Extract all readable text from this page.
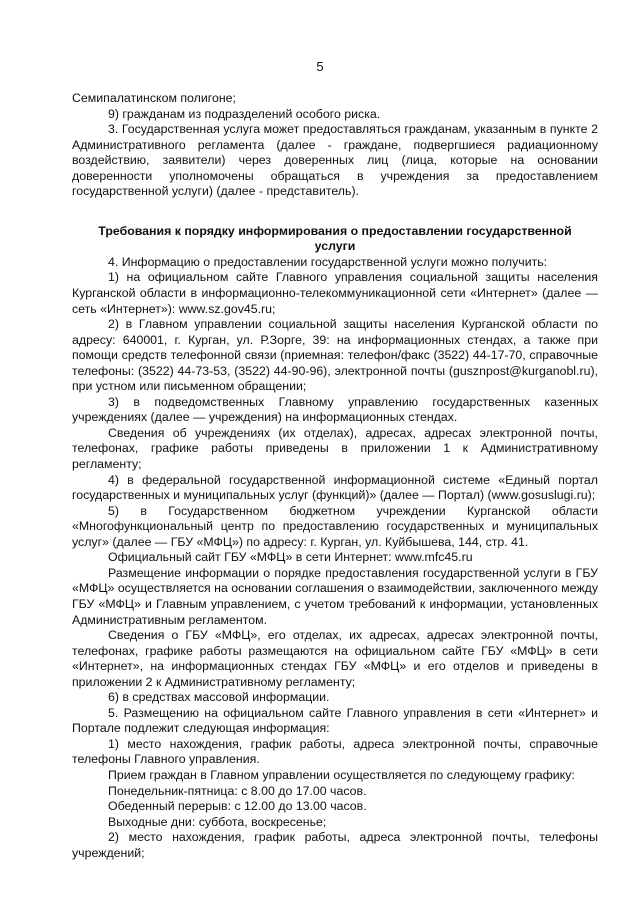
5

Семипалатинском полигоне;

9) гражданам из подразделений особого риска.

3. Государственная услуга может предоставляться гражданам, указанным в пункте 2 Административного регламента (далее - граждане, подвергшиеся радиационному воздействию, заявители) через доверенных лиц (лица, которые на основании доверенности уполномочены обращаться в учреждения за предоставлением государственной услуги) (далее - представитель).

Требования к порядку информирования о предоставлении государственной услуги

4. Информацию о предоставлении государственной услуги можно получить:

1) на официальном сайте Главного управления социальной защиты населения Курганской области в информационно-телекоммуникационной сети «Интернет» (далее — сеть «Интернет»): www.sz.gov45.ru;

2) в Главном управлении социальной защиты населения Курганской области по адресу: 640001, г. Курган, ул. Р.Зорге, 39: на информационных стендах, а также при помощи средств телефонной связи (приемная: телефон/факс (3522) 44-17-70, справочные телефоны: (3522) 44-73-53, (3522) 44-90-96), электронной почты (gusznpost@kurganobl.ru), при устном или письменном обращении;

3) в подведомственных Главному управлению государственных казенных учреждениях (далее — учреждения) на информационных стендах.

Сведения об учреждениях (их отделах), адресах, адресах электронной почты, телефонах, графике работы приведены в приложении 1 к Административному регламенту;

4) в федеральной государственной информационной системе «Единый портал государственных и муниципальных услуг (функций)» (далее — Портал) (www.gosuslugi.ru);

5) в Государственном бюджетном учреждении Курганской области «Многофункциональный центр по предоставлению государственных и муниципальных услуг» (далее — ГБУ «МФЦ») по адресу: г. Курган, ул. Куйбышева, 144, стр. 41.

Официальный сайт ГБУ «МФЦ» в сети Интернет: www.mfc45.ru

Размещение информации о порядке предоставления государственной услуги в ГБУ «МФЦ» осуществляется на основании соглашения о взаимодействии, заключенного между ГБУ «МФЦ» и Главным управлением, с учетом требований к информации, установленных Административным регламентом.

Сведения о ГБУ «МФЦ», его отделах, их адресах, адресах электронной почты, телефонах, графике работы размещаются на официальном сайте ГБУ «МФЦ» в сети «Интернет», на информационных стендах ГБУ «МФЦ» и его отделов и приведены в приложении 2 к Административному регламенту;

6) в средствах массовой информации.

5. Размещению на официальном сайте Главного управления в сети «Интернет» и Портале подлежит следующая информация:

1) место нахождения, график работы, адреса электронной почты, справочные телефоны Главного управления.

Прием граждан в Главном управлении осуществляется по следующему графику:

Понедельник-пятница: с 8.00 до 17.00 часов.

Обеденный перерыв: с 12.00 до 13.00 часов.

Выходные дни: суббота, воскресенье;

2) место нахождения, график работы, адреса электронной почты, телефоны учреждений;
